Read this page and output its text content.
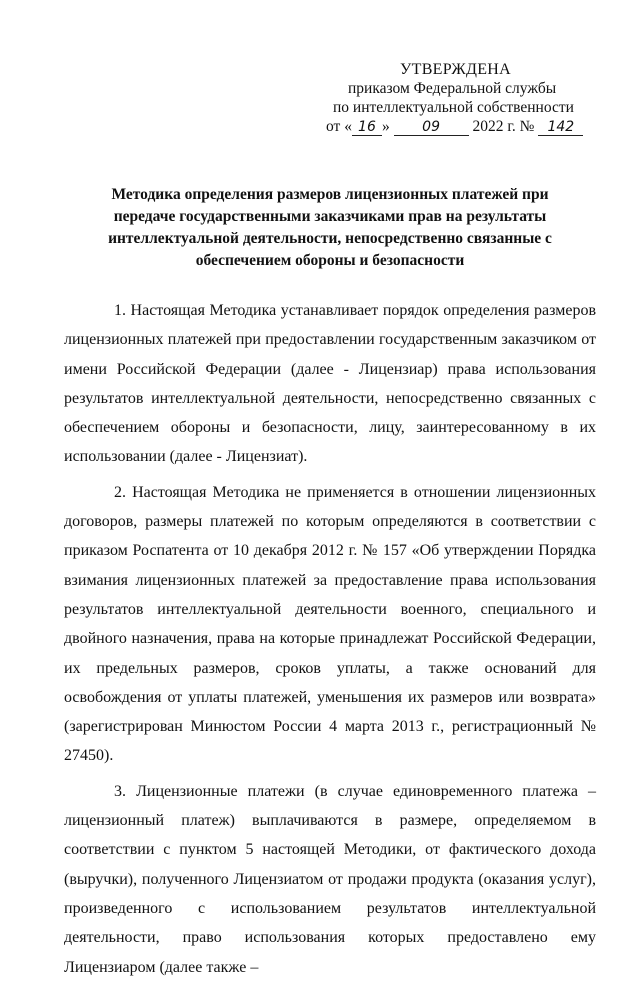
УТВЕРЖДЕНА
приказом Федеральной службы
по интеллектуальной собственности
от « 16 » 09 2022 г. № 142
Методика определения размеров лицензионных платежей при передаче государственными заказчиками прав на результаты интеллектуальной деятельности, непосредственно связанные с обеспечением обороны и безопасности

1. Настоящая Методика устанавливает порядок определения размеров лицензионных платежей при предоставлении государственным заказчиком от имени Российской Федерации (далее - Лицензиар) права использования результатов интеллектуальной деятельности, непосредственно связанных с обеспечением обороны и безопасности, лицу, заинтересованному в их использовании (далее - Лицензиат).

2. Настоящая Методика не применяется в отношении лицензионных договоров, размеры платежей по которым определяются в соответствии с приказом Роспатента от 10 декабря 2012 г. № 157 «Об утверждении Порядка взимания лицензионных платежей за предоставление права использования результатов интеллектуальной деятельности военного, специального и двойного назначения, права на которые принадлежат Российской Федерации, их предельных размеров, сроков уплаты, а также оснований для освобождения от уплаты платежей, уменьшения их размеров или возврата» (зарегистрирован Минюстом России 4 марта 2013 г., регистрационный № 27450).

3. Лицензионные платежи (в случае единовременного платежа – лицензионный платеж) выплачиваются в размере, определяемом в соответствии с пунктом 5 настоящей Методики, от фактического дохода (выручки), полученного Лицензиатом от продажи продукта (оказания услуг), произведенного с использованием результатов интеллектуальной деятельности, право использования которых предоставлено ему Лицензиаром (далее также –
